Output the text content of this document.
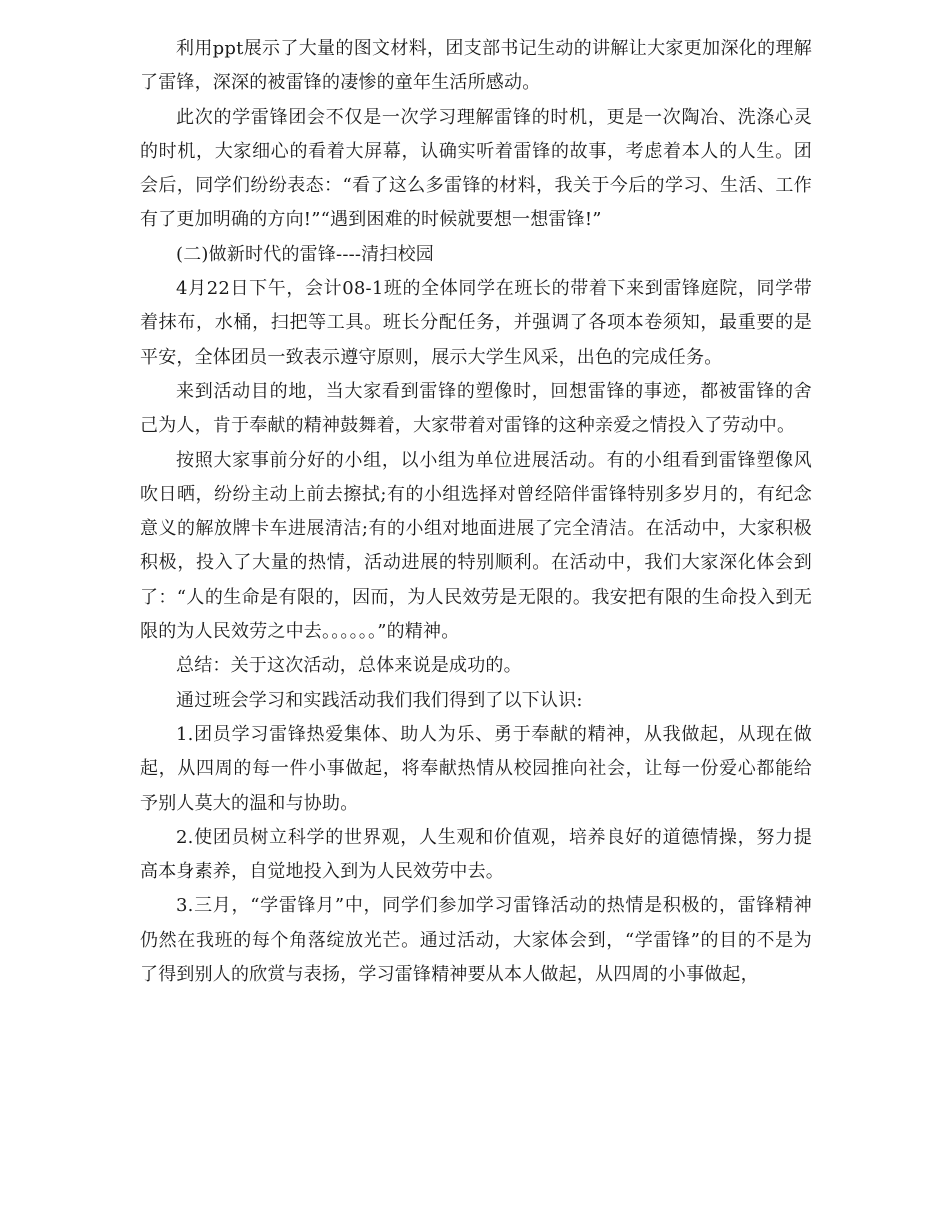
利用ppt展示了大量的图文材料，团支部书记生动的讲解让大家更加深化的理解了雷锋，深深的被雷锋的凄惨的童年生活所感动。

此次的学雷锋团会不仅是一次学习理解雷锋的时机，更是一次陶冶、洗涤心灵的时机，大家细心的看着大屏幕，认确实听着雷锋的故事，考虑着本人的人生。团会后，同学们纷纷表态：“看了这么多雷锋的材料，我关于今后的学习、生活、工作有了更加明确的方向!”“遇到困难的时候就要想一想雷锋!”

(二)做新时代的雷锋----清扫校园

4月22日下午，会计08-1班的全体同学在班长的带着下来到雷锋庭院，同学带着抹布，水桶，扫把等工具。班长分配任务，并强调了各项本卷须知，最重要的是平安，全体团员一致表示遵守原则，展示大学生风采，出色的完成任务。

来到活动目的地，当大家看到雷锋的塑像时，回想雷锋的事迹，都被雷锋的舍己为人，肯于奉献的精神鼓舞着，大家带着对雷锋的这种亲爱之情投入了劳动中。

按照大家事前分好的小组，以小组为单位进展活动。有的小组看到雷锋塑像风吹日晒，纷纷主动上前去擦拭;有的小组选择对曾经陪伴雷锋特别多岁月的，有纪念意义的解放牌卡车进展清洁;有的小组对地面进展了完全清洁。在活动中，大家积极积极，投入了大量的热情，活动进展的特别顺利。在活动中，我们大家深化体会到了：“人的生命是有限的，因而，为人民效劳是无限的。我安把有限的生命投入到无限的为人民效劳之中去。。。。。。”的精神。

总结：关于这次活动，总体来说是成功的。

通过班会学习和实践活动我们我们得到了以下认识:

1.团员学习雷锋热爱集体、助人为乐、勇于奉献的精神，从我做起，从现在做起，从四周的每一件小事做起，将奉献热情从校园推向社会，让每一份爱心都能给予别人莫大的温和与协助。

2.使团员树立科学的世界观，人生观和价值观，培养良好的道德情操，努力提高本身素养，自觉地投入到为人民效劳中去。

3.三月，“学雷锋月”中，同学们参加学习雷锋活动的热情是积极的，雷锋精神仍然在我班的每个角落绽放光芒。通过活动，大家体会到，“学雷锋”的目的不是为了得到别人的欣赏与表扬，学习雷锋精神要从本人做起，从四周的小事做起，
